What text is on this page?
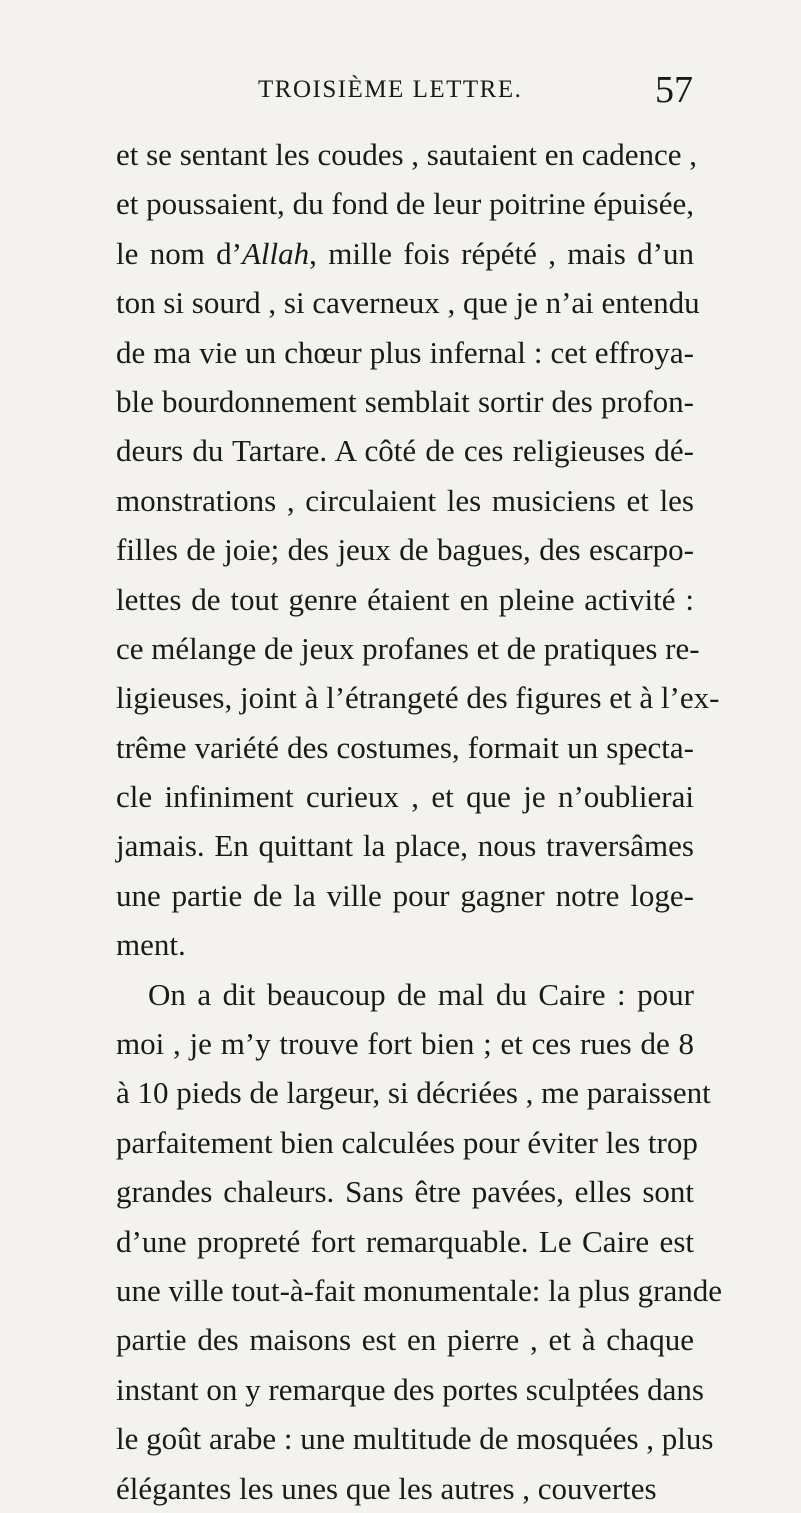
TROISIÈME LETTRE.	57
et se sentant les coudes , sautaient en cadence ,
et poussaient, du fond de leur poitrine épuisée,
le nom d’Allah, mille fois répété , mais d’un
ton si sourd , si caverneux , que je n’ai entendu
de ma vie un chœur plus infernal : cet effroya-
ble bourdonnement semblait sortir des profon-
deurs du Tartare. A côté de ces religieuses dé-
monstrations , circulaient les musiciens et les
filles de joie; des jeux de bagues, des escarpo-
lettes de tout genre étaient en pleine activité :
ce mélange de jeux profanes et de pratiques re-
ligieuses, joint à l’étrangeté des figures et à l’ex-
trême variété des costumes, formait un specta-
cle infiniment curieux , et que je n’oublierai
jamais. En quittant la place, nous traversâmes
une partie de la ville pour gagner notre loge-
ment.
On a dit beaucoup de mal du Caire : pour
moi , je m’y trouve fort bien ; et ces rues de 8
à 10 pieds de largeur, si décriées , me paraissent
parfaitement bien calculées pour éviter les trop
grandes chaleurs. Sans être pavées, elles sont
d’une propreté fort remarquable. Le Caire est
une ville tout-à-fait monumentale: la plus grande
partie des maisons est en pierre , et à chaque
instant on y remarque des portes sculptées dans
le goût arabe : une multitude de mosquées , plus
élégantes les unes que les autres , couvertes
